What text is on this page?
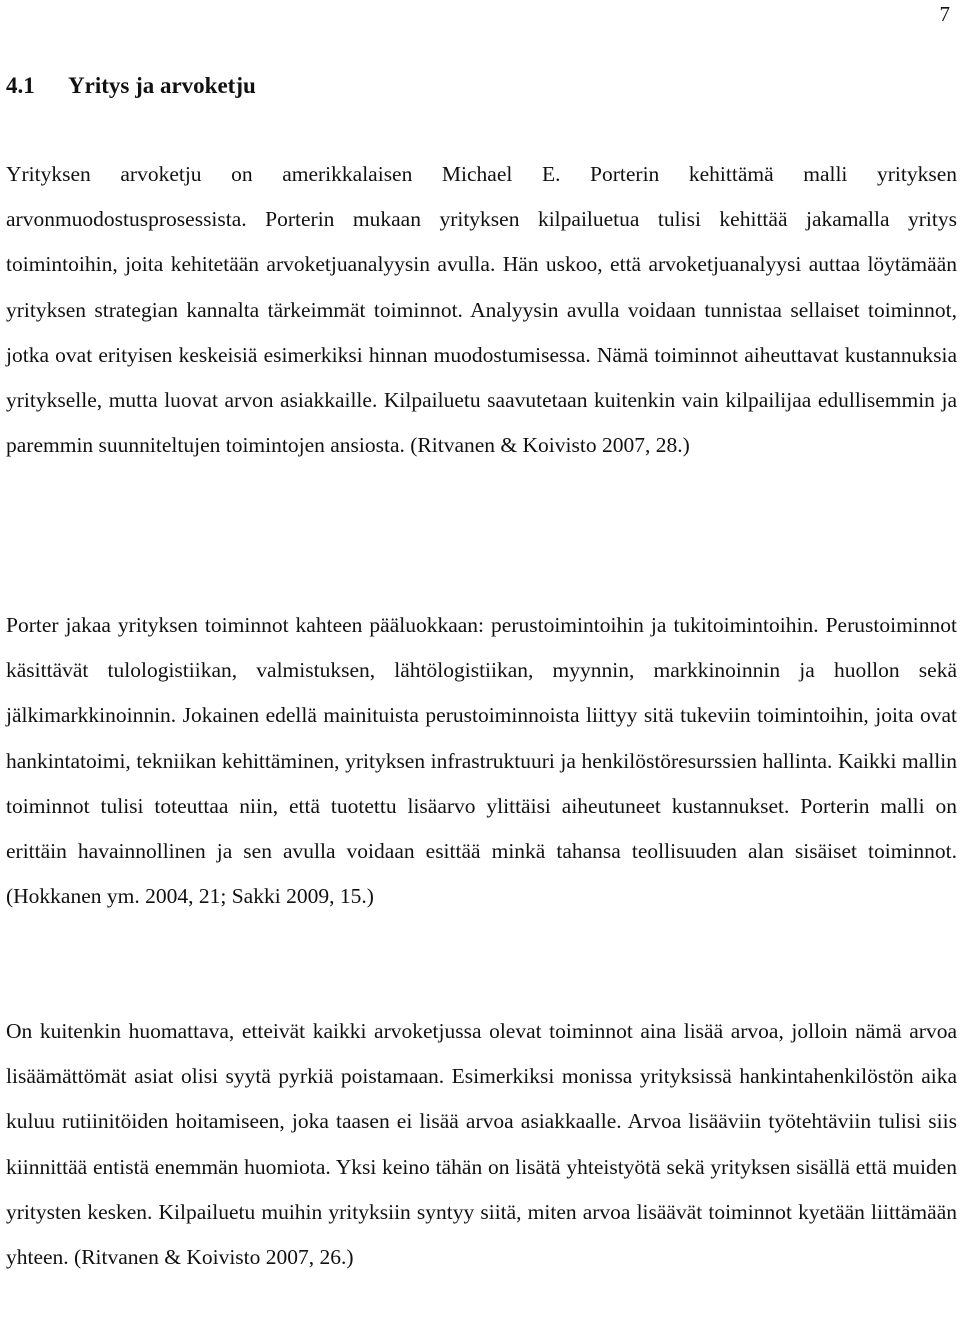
7
4.1 Yritys ja arvoketju

Yrityksen arvoketju on amerikkalaisen Michael E. Porterin kehittämä malli yrityksen arvonmuodostusprosessista. Porterin mukaan yrityksen kilpailuetua tulisi kehittää jakamalla yritys toimintoihin, joita kehitetään arvoketjuanalyysin avulla. Hän uskoo, että arvoketjuanalyysi auttaa löytämään yrityksen strategian kannalta tärkeimmät toiminnot. Analyysin avulla voidaan tunnistaa sellaiset toiminnot, jotka ovat erityisen keskeisiä esimerkiksi hinnan muodostumisessa. Nämä toiminnot aiheuttavat kustannuksia yritykselle, mutta luovat arvon asiakkaille. Kilpailuetu saavutetaan kuitenkin vain kilpailijaa edullisemmin ja paremmin suunniteltujen toimintojen ansiosta. (Ritvanen & Koivisto 2007, 28.)

Porter jakaa yrityksen toiminnot kahteen pääluokkaan: perustoimintoihin ja tukitoimintoihin. Perustoiminnot käsittävät tulologistiikan, valmistuksen, lähtölogistiikan, myynnin, markkinoinnin ja huollon sekä jälkimarkkinoinnin. Jokainen edellä mainituista perustoiminnoista liittyy sitä tukeviin toimintoihin, joita ovat hankintatoimi, tekniikan kehittäminen, yrityksen infrastruktuuri ja henkilöstöresurssien hallinta. Kaikki mallin toiminnot tulisi toteuttaa niin, että tuotettu lisäarvo ylittäisi aiheutuneet kustannukset. Porterin malli on erittäin havainnollinen ja sen avulla voidaan esittää minkä tahansa teollisuuden alan sisäiset toiminnot. (Hokkanen ym. 2004, 21; Sakki 2009, 15.)

On kuitenkin huomattava, etteivät kaikki arvoketjussa olevat toiminnot aina lisää arvoa, jolloin nämä arvoa lisäämättömät asiat olisi syytä pyrkiä poistamaan. Esimerkiksi monissa yrityksissä hankintahenkilöstön aika kuluu rutiinitöiden hoitamiseen, joka taasen ei lisää arvoa asiakkaalle. Arvoa lisääviin työtehtäviin tulisi siis kiinnittää entistä enemmän huomiota. Yksi keino tähän on lisätä yhteistyötä sekä yrityksen sisällä että muiden yritysten kesken. Kilpailuetu muihin yrityksiin syntyy siitä, miten arvoa lisäävät toiminnot kyetään liittämään yhteen. (Ritvanen & Koivisto 2007, 26.)
